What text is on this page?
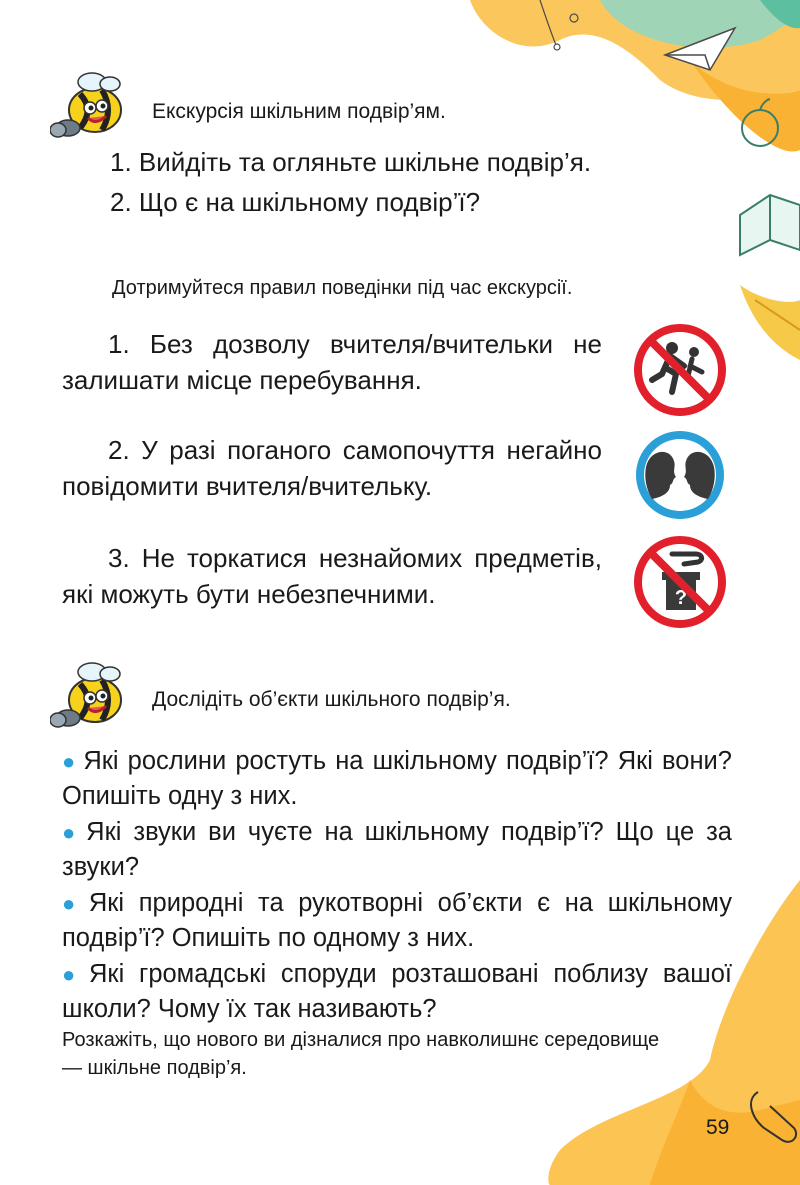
Екскурсія шкільним подвір’ям.
1. Вийдіть та огляньте шкільне подвір’я.
2. Що є на шкільному подвір’ї?
Дотримуйтеся правил поведінки під час екскурсії.
1. Без дозволу вчителя/вчительки не залишати місце перебування.
2. У разі поганого самопочуття негайно повідомити вчителя/вчительку.
3. Не торкатися незнайомих предметів, які можуть бути небезпечними.	?
Дослідіть об’єкти шкільного подвір’я.
● Які рослини ростуть на шкільному подвір’ї? Які вони? Опишіть одну з них.
● Які звуки ви чуєте на шкільному подвір’ї? Що це за звуки?
● Які природні та рукотворні об’єкти є на шкільному подвір’ї? Опишіть по одному з них.
● Які громадські споруди розташовані поблизу вашої школи? Чому їх так називають?
Розкажіть, що нового ви дізналися про навколишнє середовище — шкільне подвір’я.
59
